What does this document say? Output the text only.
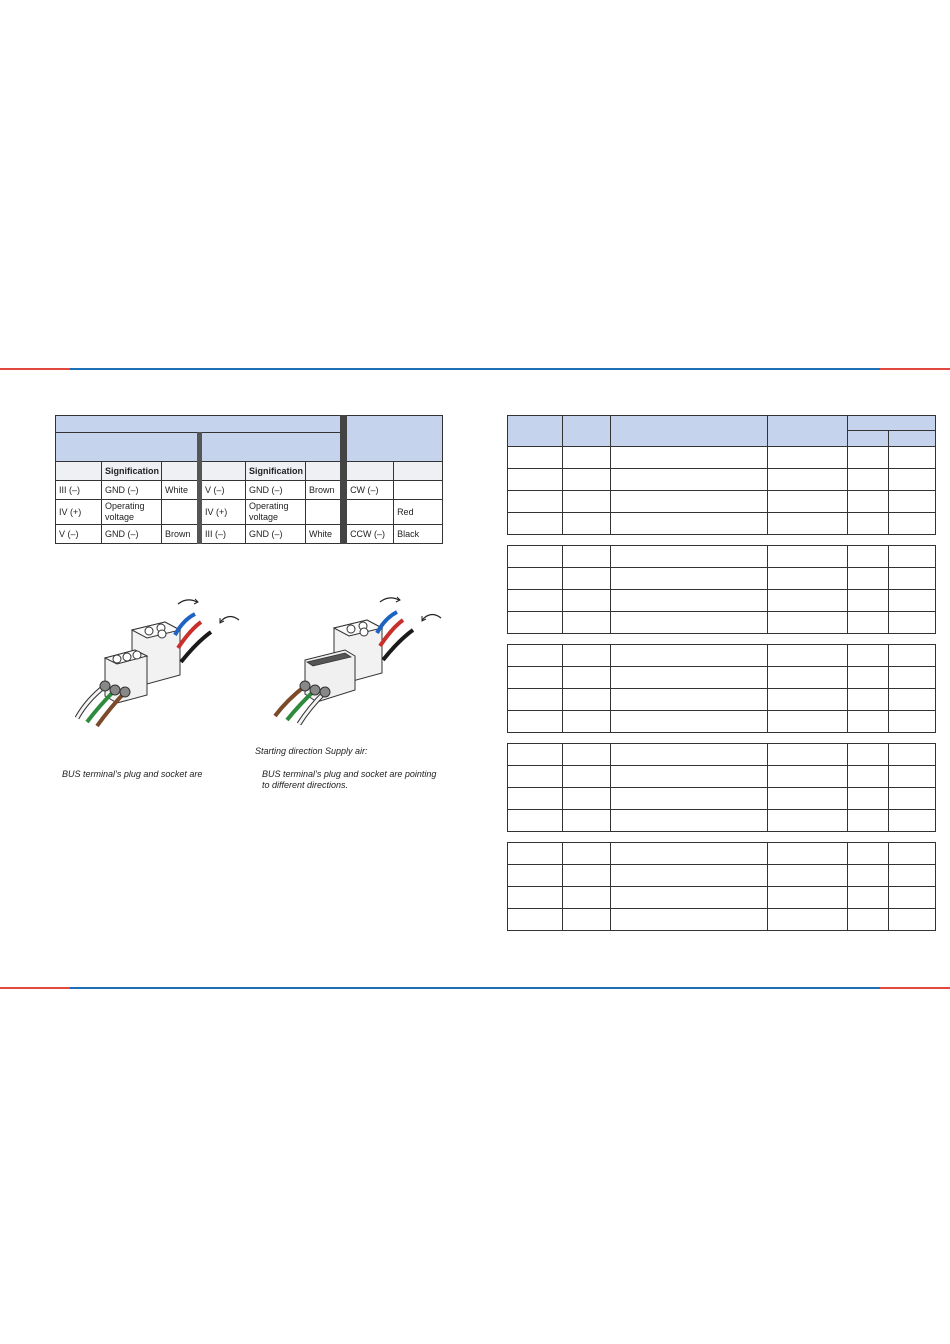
	Signification			Signification			
III (–)	GND (–)	White	V (–)	GND (–)	Brown	CW (–)	
IV (+)	Operating voltage		IV (+)	Operating voltage			Red
V (–)	GND (–)	Brown	III (–)	GND (–)	White	CCW (–)	Black
Starting direction Supply air:
BUS terminal’s plug and socket are	BUS terminal’s plug and socket are pointing to different directions.
